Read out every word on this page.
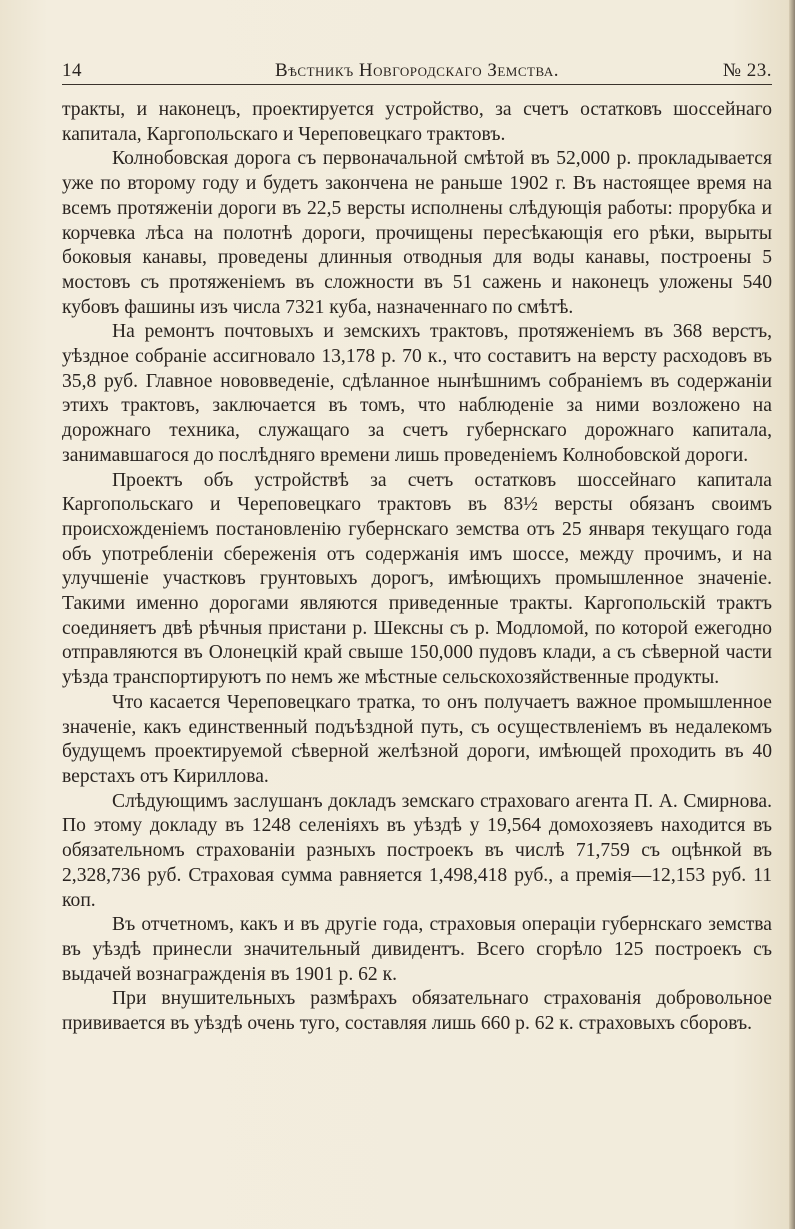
14	Вѣстникъ Новгородскаго Земства.	№ 23.

тракты, и наконецъ, проектируется устройство, за счетъ остатковъ шоссейнаго капитала, Каргопольскаго и Череповецкаго трактовъ.

Колнобовская дорога съ первоначальной смѣтой въ 52,000 р. прокладывается уже по второму году и будетъ закончена не раньше 1902 г. Въ настоящее время на всемъ протяженіи дороги въ 22,5 версты исполнены слѣдующія работы: прорубка и корчевка лѣса на полотнѣ дороги, прочищены пересѣкающія его рѣки, вырыты боковыя канавы, проведены длинныя отводныя для воды канавы, построены 5 мостовъ съ протяженіемъ въ сложности въ 51 сажень и наконецъ уложены 540 кубовъ фашины изъ числа 7321 куба, назначеннаго по смѣтѣ.

На ремонтъ почтовыхъ и земскихъ трактовъ, протяженіемъ въ 368 верстъ, уѣздное собраніе ассигновало 13,178 р. 70 к., что составитъ на версту расходовъ въ 35,8 руб. Главное нововведеніе, сдѣланное нынѣшнимъ собраніемъ въ содержаніи этихъ трактовъ, заключается въ томъ, что наблюденіе за ними возложено на дорожнаго техника, служащаго за счетъ губернскаго дорожнаго капитала, занимавшагося до послѣдняго времени лишь проведеніемъ Колнобовской дороги.

Проектъ объ устройствѣ за счетъ остатковъ шоссейнаго капитала Каргопольскаго и Череповецкаго трактовъ въ 83½ версты обязанъ своимъ происхожденіемъ постановленію губернскаго земства отъ 25 января текущаго года объ употребленіи сбереженія отъ содержанія имъ шоссе, между прочимъ, и на улучшеніе участковъ грунтовыхъ дорогъ, имѣющихъ промышленное значеніе. Такими именно дорогами являются приведенные тракты. Каргопольскій трактъ соединяетъ двѣ рѣчныя пристани р. Шексны съ р. Модломой, по которой ежегодно отправляются въ Олонецкій край свыше 150,000 пудовъ клади, а съ сѣверной части уѣзда транспортируютъ по немъ же мѣстные сельскохозяйственные продукты.

Что касается Череповецкаго тратка, то онъ получаетъ важное промышленное значеніе, какъ единственный подъѣздной путь, съ осуществленіемъ въ недалекомъ будущемъ проектируемой сѣверной желѣзной дороги, имѣющей проходить въ 40 верстахъ отъ Кириллова.

Слѣдующимъ заслушанъ докладъ земскаго страховаго агента П. А. Смирнова. По этому докладу въ 1248 селеніяхъ въ уѣздѣ у 19,564 домохозяевъ находится въ обязательномъ страхованіи разныхъ построекъ въ числѣ 71,759 съ оцѣнкой въ 2,328,736 руб. Страховая сумма равняется 1,498,418 руб., а премія—12,153 руб. 11 коп.

Въ отчетномъ, какъ и въ другіе года, страховыя операціи губернскаго земства въ уѣздѣ принесли значительный дивидентъ. Всего сгорѣло 125 построекъ съ выдачей вознагражденія въ 1901 р. 62 к.

При внушительныхъ размѣрахъ обязательнаго страхованія добровольное прививается въ уѣздѣ очень туго, составляя лишь 660 р. 62 к. страховыхъ сборовъ.
